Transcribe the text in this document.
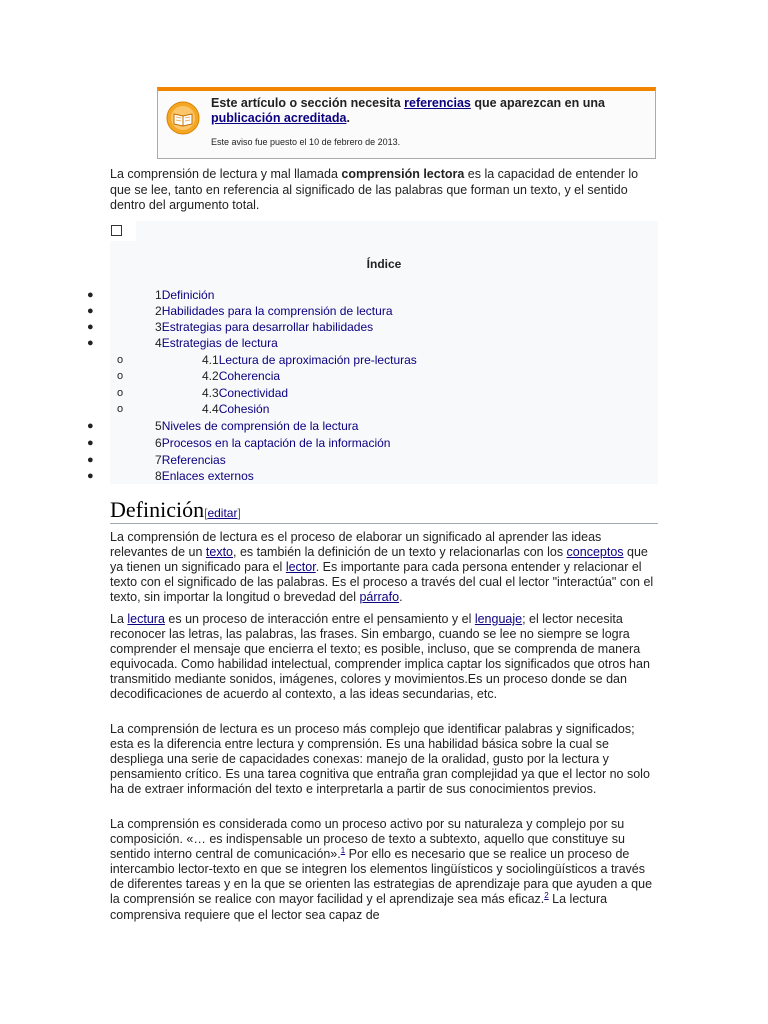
Este artículo o sección necesita referencias que aparezcan en una publicación acreditada.
Este aviso fue puesto el 10 de febrero de 2013.
La comprensión de lectura y mal llamada comprensión lectora es la capacidad de entender lo que se lee, tanto en referencia al significado de las palabras que forman un texto, y el sentido dentro del argumento total.
Índice
●	1Definición
●	2Habilidades para la comprensión de lectura
●	3Estrategias para desarrollar habilidades
●	4Estrategias de lectura
o	4.1Lectura de aproximación pre-lecturas
o	4.2Coherencia
o	4.3Conectividad
o	4.4Cohesión
●	5Niveles de comprensión de la lectura
●	6Procesos en la captación de la información
●	7Referencias
●	8Enlaces externos
Definición[editar]
La comprensión de lectura es el proceso de elaborar un significado al aprender las ideas relevantes de un texto, es también la definición de un texto y relacionarlas con los conceptos que ya tienen un significado para el lector. Es importante para cada persona entender y relacionar el texto con el significado de las palabras. Es el proceso a través del cual el lector "interactúa" con el texto, sin importar la longitud o brevedad del párrafo.
La lectura es un proceso de interacción entre el pensamiento y el lenguaje; el lector necesita reconocer las letras, las palabras, las frases. Sin embargo, cuando se lee no siempre se logra comprender el mensaje que encierra el texto; es posible, incluso, que se comprenda de manera equivocada. Como habilidad intelectual, comprender implica captar los significados que otros han transmitido mediante sonidos, imágenes, colores y movimientos.Es un proceso donde se dan decodificaciones de acuerdo al contexto, a las ideas secundarias, etc.
La comprensión de lectura es un proceso más complejo que identificar palabras y significados; esta es la diferencia entre lectura y comprensión. Es una habilidad básica sobre la cual se despliega una serie de capacidades conexas: manejo de la oralidad, gusto por la lectura y pensamiento crítico. Es una tarea cognitiva que entraña gran complejidad ya que el lector no solo ha de extraer información del texto e interpretarla a partir de sus conocimientos previos.
La comprensión es considerada como un proceso activo por su naturaleza y complejo por su composición. «… es indispensable un proceso de texto a subtexto, aquello que constituye su sentido interno central de comunicación».$^1$ Por ello es necesario que se realice un proceso de intercambio lector-texto en que se integren los elementos lingüísticos y sociolingüísticos a través de diferentes tareas y en la que se orienten las estrategias de aprendizaje para que ayuden a que la comprensión se realice con mayor facilidad y el aprendizaje sea más eficaz.$^2$ La lectura comprensiva requiere que el lector sea capaz de
